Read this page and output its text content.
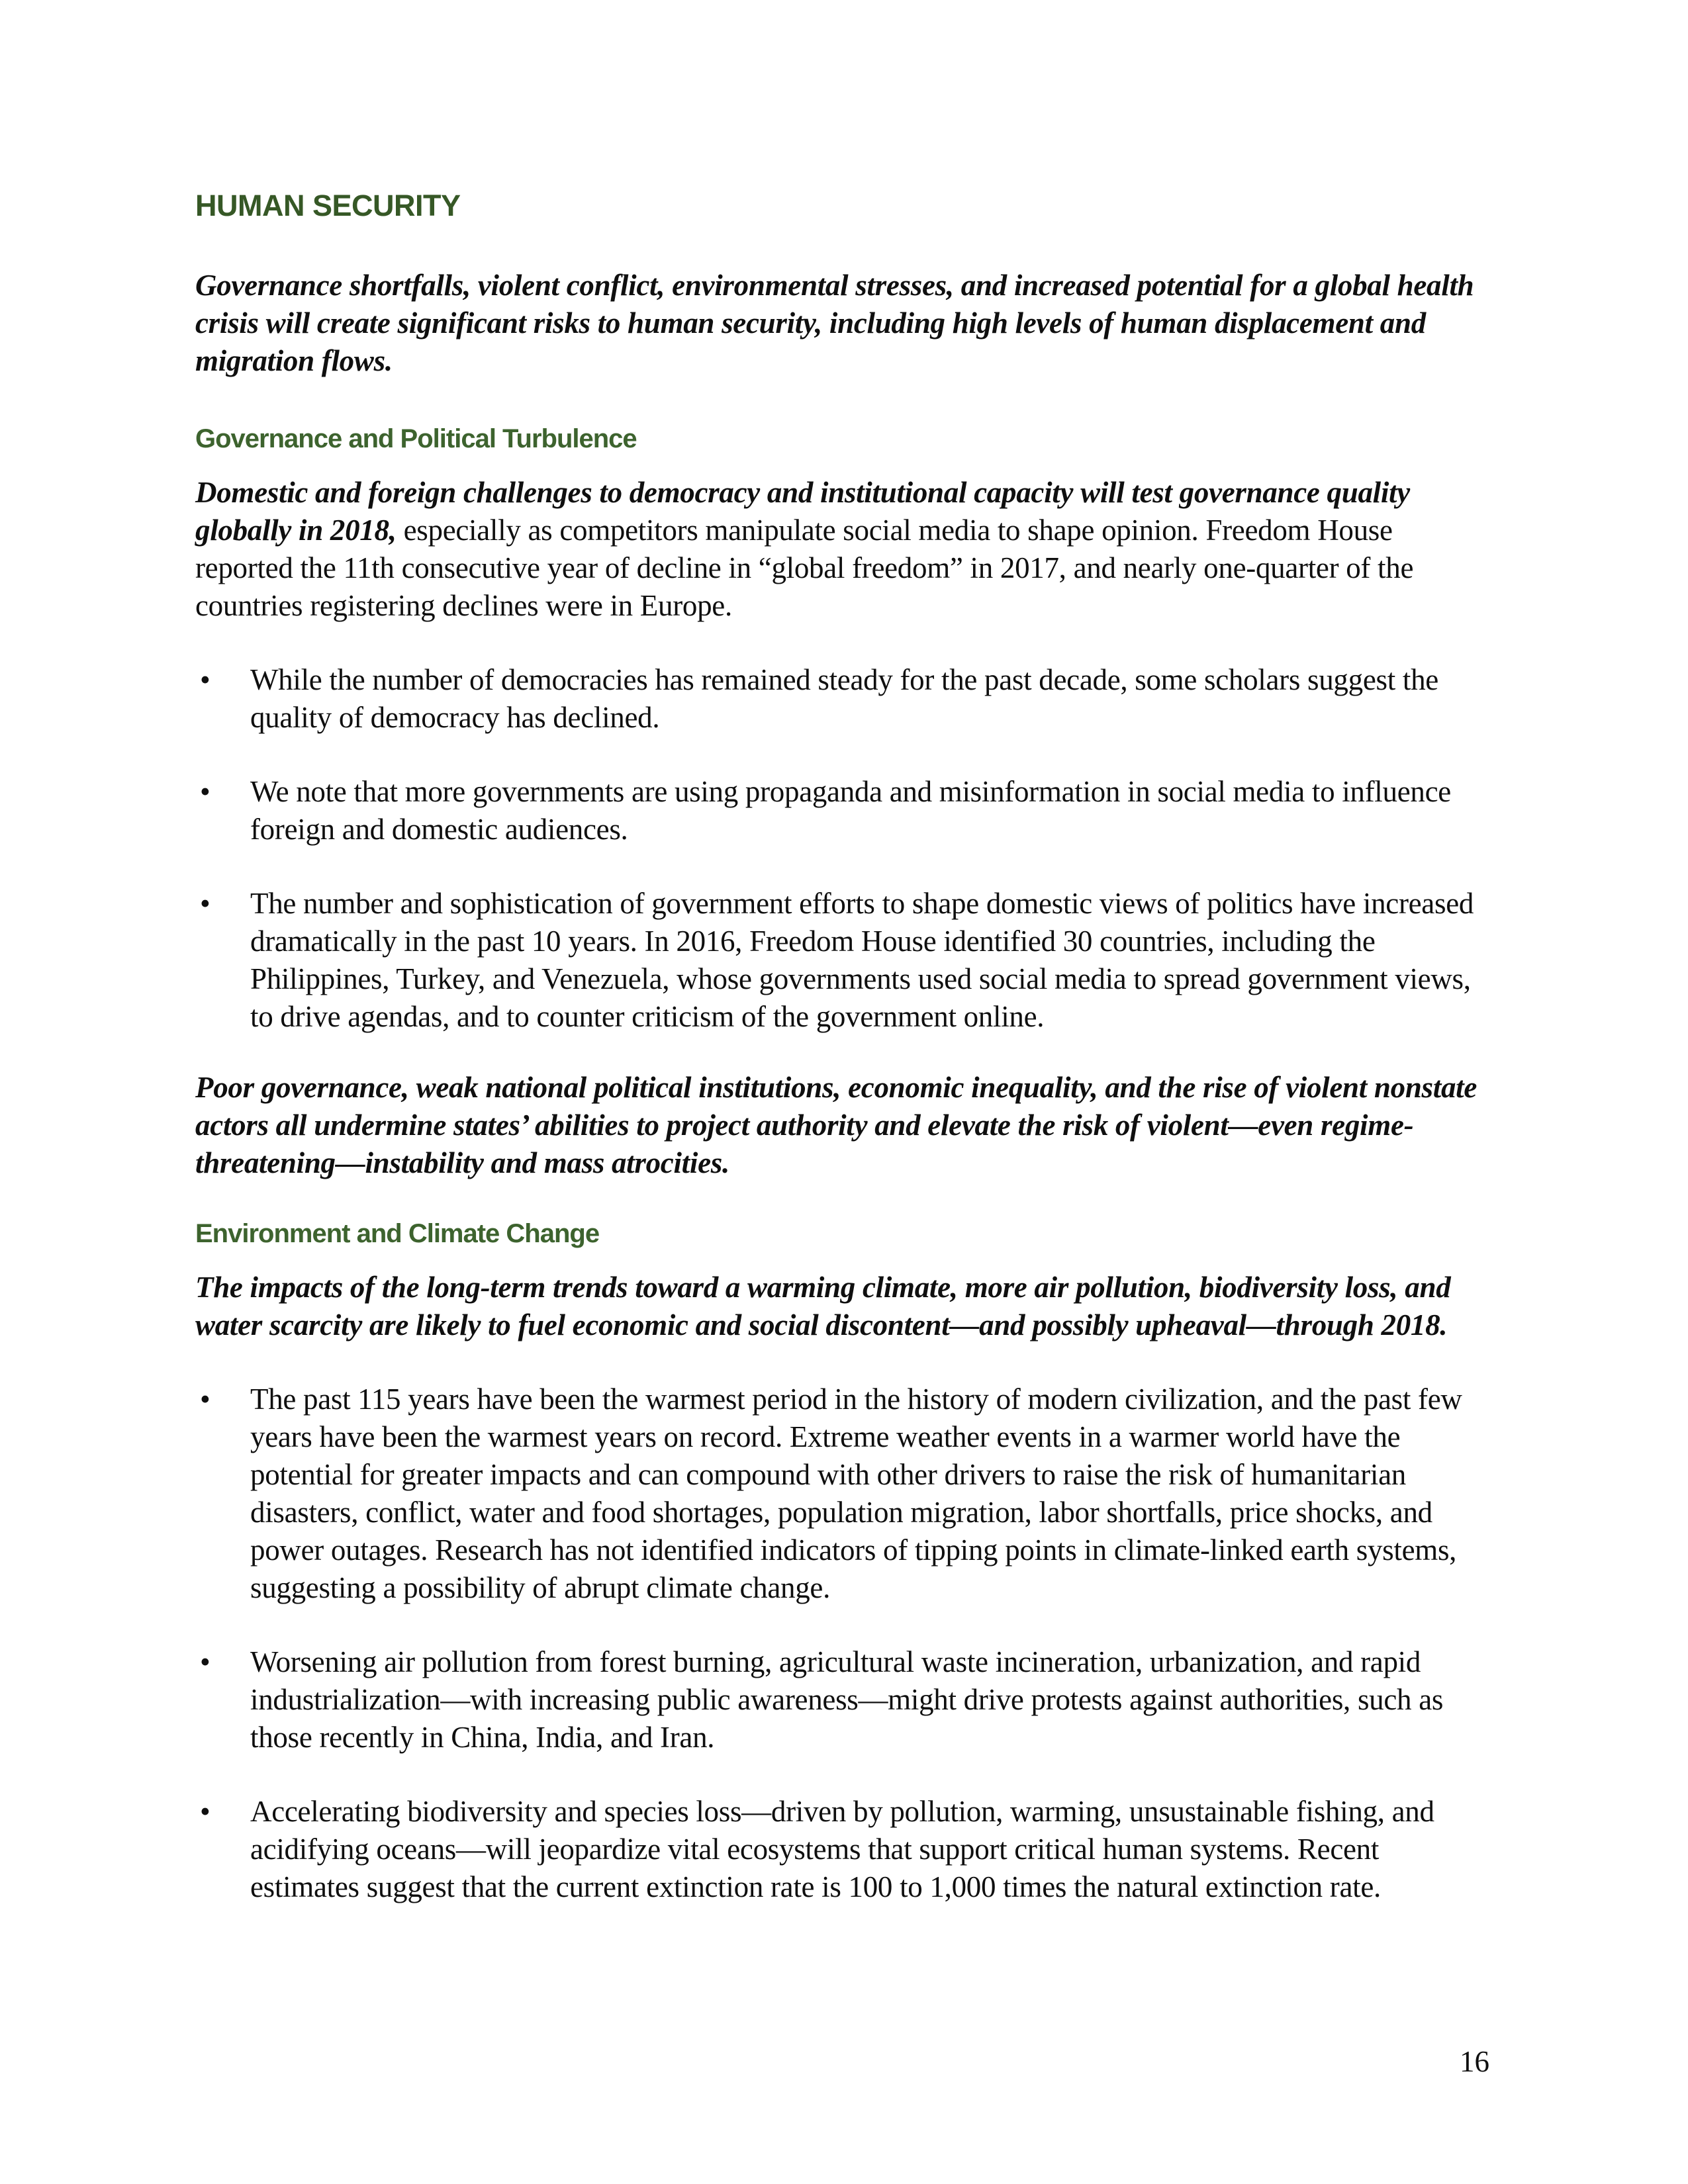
HUMAN SECURITY

Governance shortfalls, violent conflict, environmental stresses, and increased potential for a global health crisis will create significant risks to human security, including high levels of human displacement and migration flows.

Governance and Political Turbulence

Domestic and foreign challenges to democracy and institutional capacity will test governance quality globally in 2018, especially as competitors manipulate social media to shape opinion. Freedom House reported the 11th consecutive year of decline in “global freedom” in 2017, and nearly one-quarter of the countries registering declines were in Europe.

• While the number of democracies has remained steady for the past decade, some scholars suggest the quality of democracy has declined.
• We note that more governments are using propaganda and misinformation in social media to influence foreign and domestic audiences.
• The number and sophistication of government efforts to shape domestic views of politics have increased dramatically in the past 10 years. In 2016, Freedom House identified 30 countries, including the Philippines, Turkey, and Venezuela, whose governments used social media to spread government views, to drive agendas, and to counter criticism of the government online.

Poor governance, weak national political institutions, economic inequality, and the rise of violent nonstate actors all undermine states’ abilities to project authority and elevate the risk of violent—even regime-threatening—instability and mass atrocities.

Environment and Climate Change

The impacts of the long-term trends toward a warming climate, more air pollution, biodiversity loss, and water scarcity are likely to fuel economic and social discontent—and possibly upheaval—through 2018.

• The past 115 years have been the warmest period in the history of modern civilization, and the past few years have been the warmest years on record. Extreme weather events in a warmer world have the potential for greater impacts and can compound with other drivers to raise the risk of humanitarian disasters, conflict, water and food shortages, population migration, labor shortfalls, price shocks, and power outages. Research has not identified indicators of tipping points in climate-linked earth systems, suggesting a possibility of abrupt climate change.
• Worsening air pollution from forest burning, agricultural waste incineration, urbanization, and rapid industrialization—with increasing public awareness—might drive protests against authorities, such as those recently in China, India, and Iran.
• Accelerating biodiversity and species loss—driven by pollution, warming, unsustainable fishing, and acidifying oceans—will jeopardize vital ecosystems that support critical human systems. Recent estimates suggest that the current extinction rate is 100 to 1,000 times the natural extinction rate.
16
